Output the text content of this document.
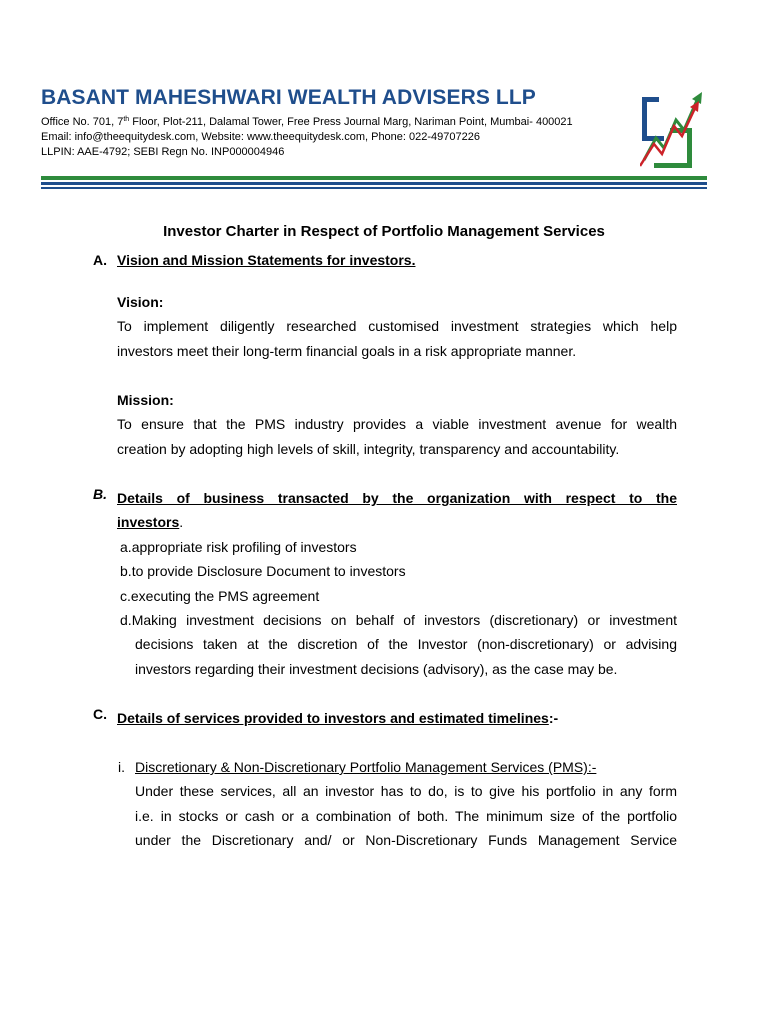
BASANT MAHESHWARI WEALTH ADVISERS LLP
Office No. 701, 7th Floor, Plot-211, Dalamal Tower, Free Press Journal Marg, Nariman Point, Mumbai- 400021
Email: info@theequitydesk.com, Website: www.theequitydesk.com, Phone: 022-49707226
LLPIN: AAE-4792; SEBI Regn No. INP000004946
Investor Charter in Respect of Portfolio Management Services
A. Vision and Mission Statements for investors.
Vision:
To implement diligently researched customised investment strategies which help
investors meet their long-term financial goals in a risk appropriate manner.
Mission:
To ensure that the PMS industry provides a viable investment avenue for wealth
creation by adopting high levels of skill, integrity, transparency and accountability.
B. Details of business transacted by the organization with respect to the
investors.
a.appropriate risk profiling of investors
b.to provide Disclosure Document to investors
c.executing the PMS agreement
d.Making investment decisions on behalf of investors (discretionary) or investment
decisions taken at the discretion of the Investor (non-discretionary) or advising
investors regarding their investment decisions (advisory), as the case may be.
C. Details of services provided to investors and estimated timelines:-
i. Discretionary & Non-Discretionary Portfolio Management Services (PMS):-
Under these services, all an investor has to do, is to give his portfolio in any form
i.e. in stocks or cash or a combination of both. The minimum size of the portfolio
under the Discretionary and/ or Non-Discretionary Funds Management Service
